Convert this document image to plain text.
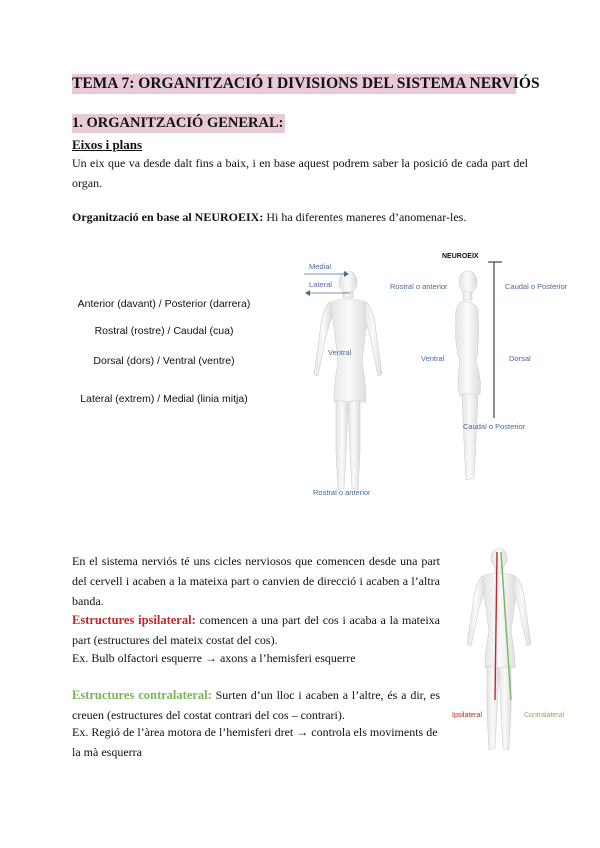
TEMA 7: ORGANITZACIÓ I DIVISIONS DEL SISTEMA NERVIÓS
1. ORGANITZACIÓ GENERAL:
Eixos i plans
Un eix que va desde dalt fins a baix, i en base aquest podrem saber la posició de cada part del organ.
Organització en base al NEUROEIX: Hi ha diferentes maneres d’anomenar-les.
Anterior (davant) / Posterior (darrera)
Rostral (rostre) / Caudal (cua)
Dorsal (dors) / Ventral (ventre)
Lateral (extrem) / Medial (linia mitja)
Medial
Lateral
Ventral
Rostral o anterior
NEUROEIX
Rostral o anterior	Caudal o Posterior
Ventral	Dorsal
Caudal o Posterior
En el sistema nerviós té uns cicles nerviosos que comencen desde una part del cervell i acaben a la mateixa part o canvien de direcció i acaben a l’altra banda.
Estructures ipsilateral: comencen a una part del cos i acaba a la mateixa part (estructures del mateix costat del cos).
Ex. Bulb olfactori esquerre → axons a l’hemisferi esquerre
Estructures contralateral: Surten d’un lloc i acaben a l’altre, és a dir, es creuen (estructures del costat contrari del cos – contrari).
Ex. Regió de l’àrea motora de l’hemisferi dret → controla els moviments de la mà esquerra
Ipsilateral	Contralateral
